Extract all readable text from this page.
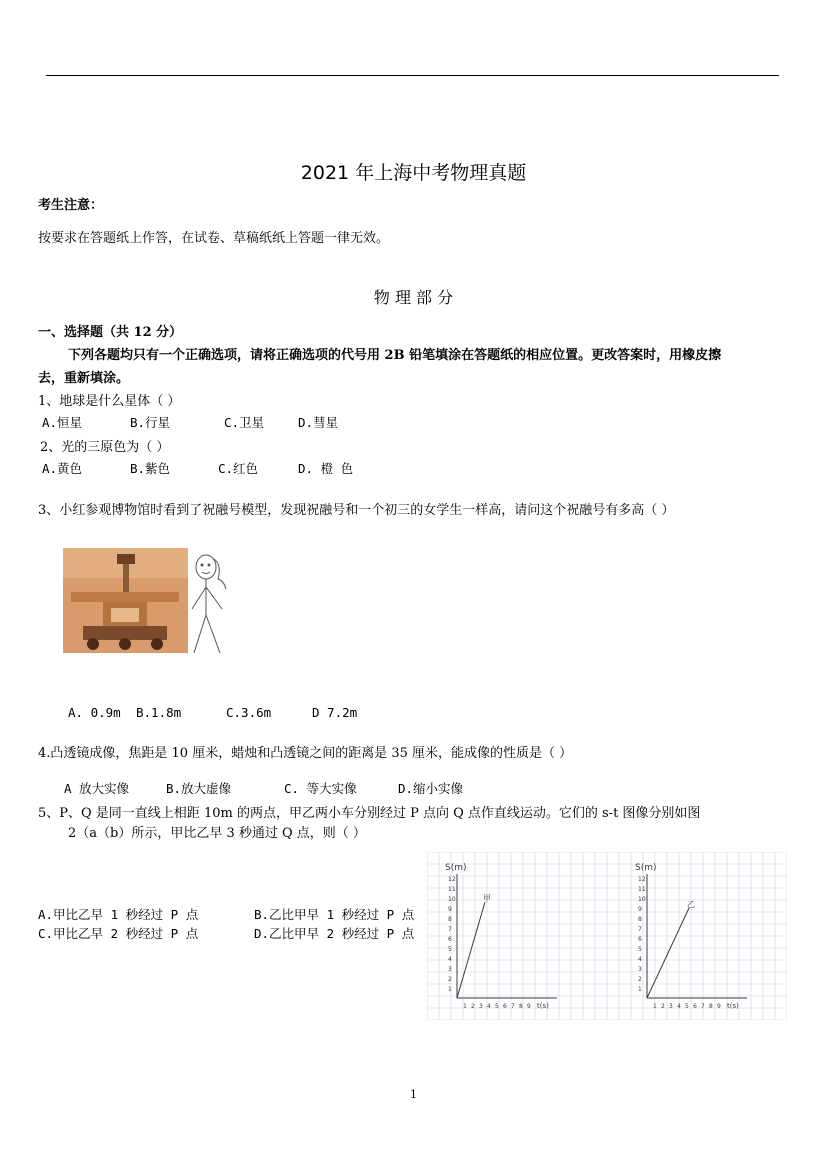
2021 年上海中考物理真题
考生注意：
按要求在答题纸上作答，在试卷、草稿纸纸上答题一律无效。
物 理 部 分
一、选择题（共 12 分）
下列各题均只有一个正确选项，请将正确选项的代号用 2B 铅笔填涂在答题纸的相应位置。更改答案时，用橡皮擦
去，重新填涂。
1、地球是什么星体（ ）
A.恒星	B.行星	C.卫星	D.彗星
2、光的三原色为（ ）
A.黄色	B.紫色	C.红色	D. 橙 色
3、小红参观博物馆时看到了祝融号模型，发现祝融号和一个初三的女学生一样高，请问这个祝融号有多高（ ）
A. 0.9m B.1.8m	C.3.6m	D 7.2m
4.凸透镜成像，焦距是 10 厘米，蜡烛和凸透镜之间的距离是 35 厘米，能成像的性质是（ ）
A 放大实像	B.放大虚像	C. 等大实像	D.缩小实像
5、P、Q 是同一直线上相距 10m 的两点，甲乙两小车分别经过 P 点向 Q 点作直线运动。它们的 s-t 图像分别如图
2（a（b）所示，甲比乙早 3 秒通过 Q 点，则（ ）
A.甲比乙早 1 秒经过 P 点	B.乙比甲早 1 秒经过 P 点
C.甲比乙早 2 秒经过 P 点	D.乙比甲早 2 秒经过 P 点
S(m)
1
2
3
4
5
6
7
8
9
10
11
12
1 2 3 4 5 6 7 8 9 t(s)
S(m)
1
2
3
4
5
6
7
8
9
10
11
12
1 2 3 4 5 6 7 8 9 t(s)
甲
乙
1
